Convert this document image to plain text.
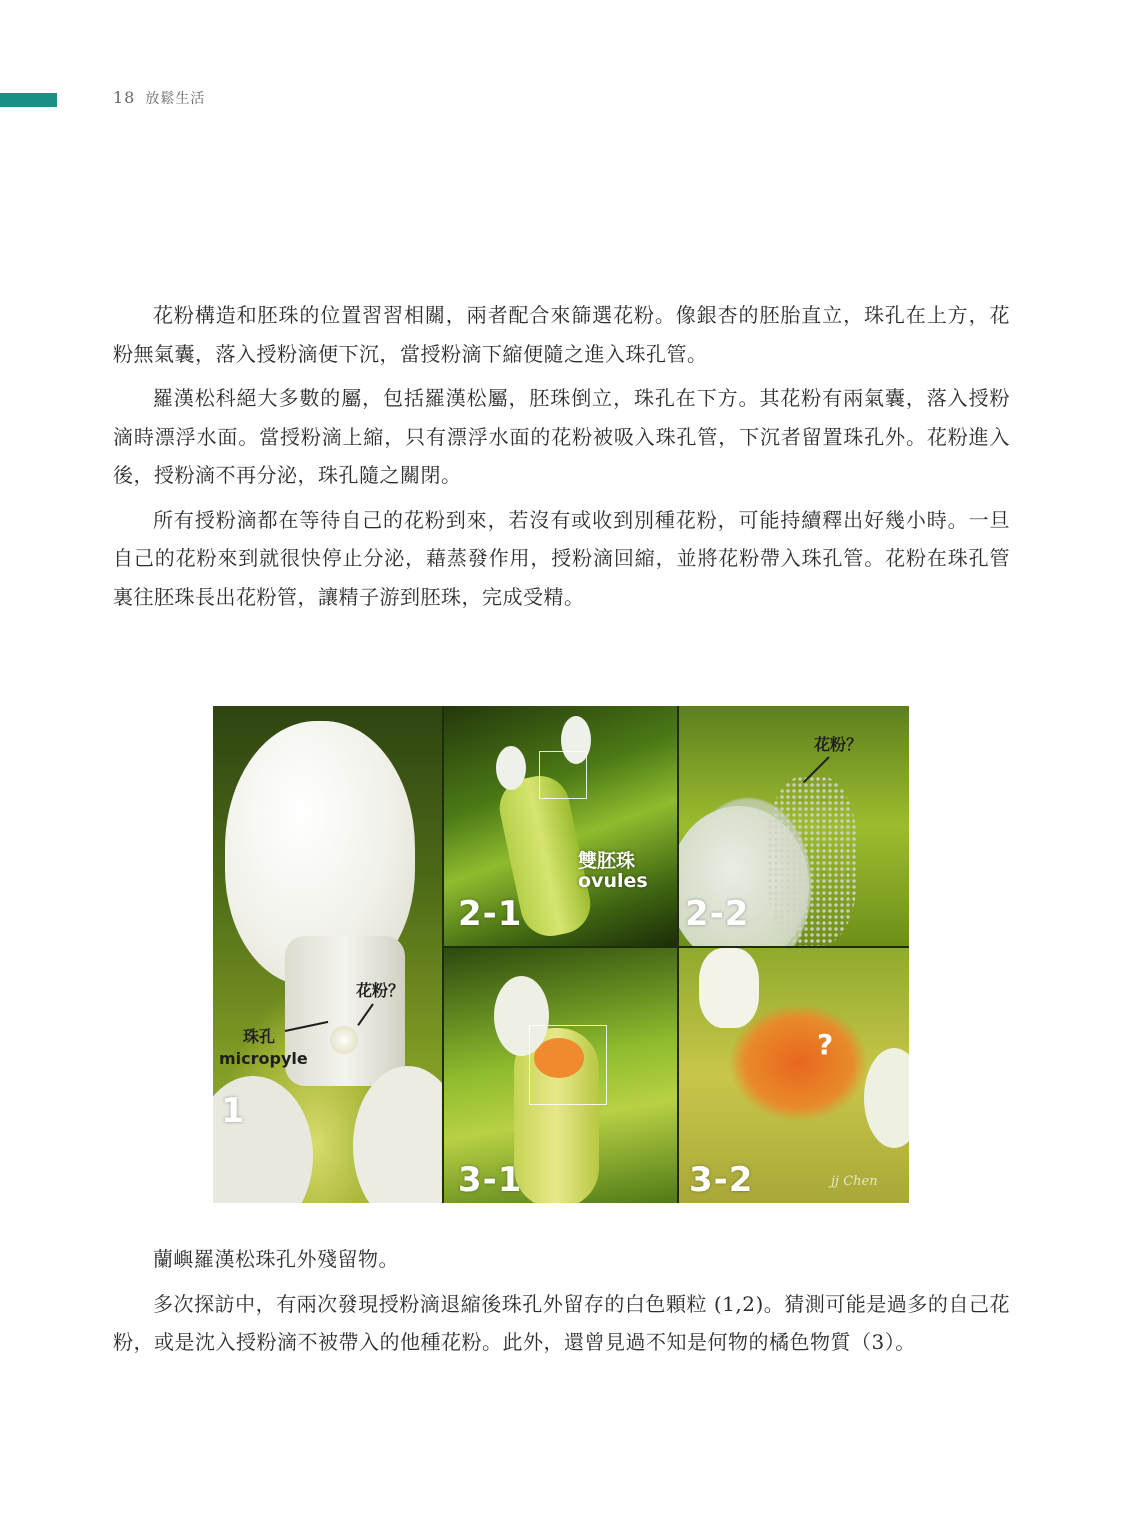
18 放鬆生活

花粉構造和胚珠的位置習習相關，兩者配合來篩選花粉。像銀杏的胚胎直立，珠孔在上方，花粉無氣囊，落入授粉滴便下沉，當授粉滴下縮便隨之進入珠孔管。

羅漢松科絕大多數的屬，包括羅漢松屬，胚珠倒立，珠孔在下方。其花粉有兩氣囊，落入授粉滴時漂浮水面。當授粉滴上縮，只有漂浮水面的花粉被吸入珠孔管，下沉者留置珠孔外。花粉進入後，授粉滴不再分泌，珠孔隨之關閉。

所有授粉滴都在等待自己的花粉到來，若沒有或收到別種花粉，可能持續釋出好幾小時。一旦自己的花粉來到就很快停止分泌，藉蒸發作用，授粉滴回縮，並將花粉帶入珠孔管。花粉在珠孔管裏往胚珠長出花粉管，讓精子游到胚珠，完成受精。

花粉？
珠孔
micropyle
1
雙胚珠
ovules
2-1
花粉？
2-2
3-1
?
3-2	jj Chen

蘭嶼羅漢松珠孔外殘留物。

多次探訪中，有兩次發現授粉滴退縮後珠孔外留存的白色顆粒 (1,2)。猜測可能是過多的自己花粉，或是沈入授粉滴不被帶入的他種花粉。此外，還曾見過不知是何物的橘色物質（3）。
